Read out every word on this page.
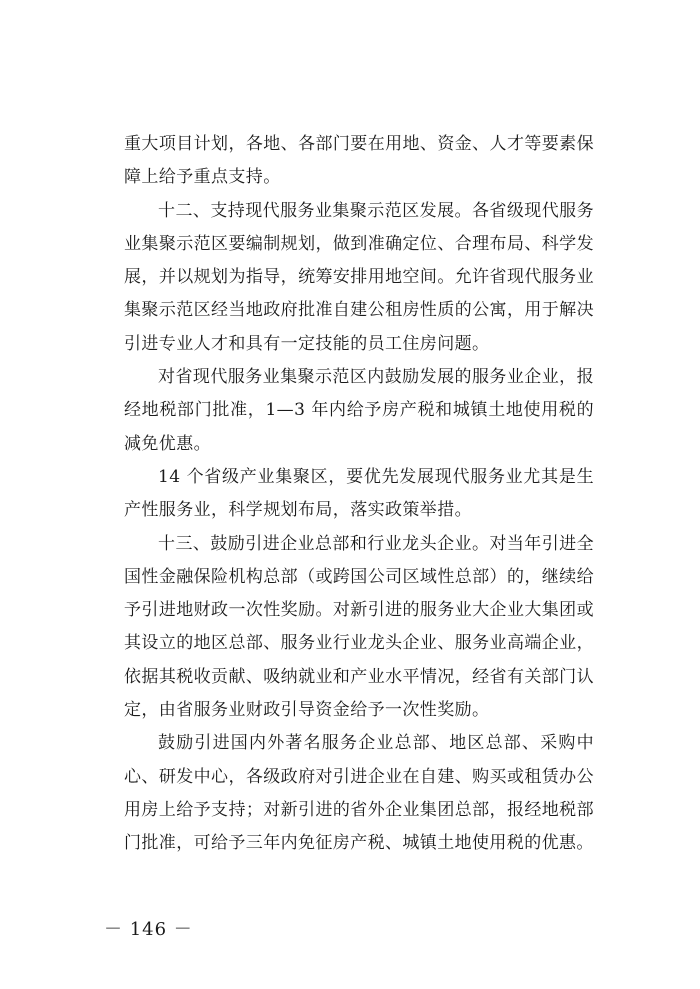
重大项目计划，各地、各部门要在用地、资金、人才等要素保障上给予重点支持。

十二、支持现代服务业集聚示范区发展。各省级现代服务业集聚示范区要编制规划，做到准确定位、合理布局、科学发展，并以规划为指导，统筹安排用地空间。允许省现代服务业集聚示范区经当地政府批准自建公租房性质的公寓，用于解决引进专业人才和具有一定技能的员工住房问题。

对省现代服务业集聚示范区内鼓励发展的服务业企业，报经地税部门批准，1—3 年内给予房产税和城镇土地使用税的减免优惠。

14 个省级产业集聚区，要优先发展现代服务业尤其是生产性服务业，科学规划布局，落实政策举措。

十三、鼓励引进企业总部和行业龙头企业。对当年引进全国性金融保险机构总部（或跨国公司区域性总部）的，继续给予引进地财政一次性奖励。对新引进的服务业大企业大集团或其设立的地区总部、服务业行业龙头企业、服务业高端企业，依据其税收贡献、吸纳就业和产业水平情况，经省有关部门认定，由省服务业财政引导资金给予一次性奖励。

鼓励引进国内外著名服务企业总部、地区总部、采购中心、研发中心，各级政府对引进企业在自建、购买或租赁办公用房上给予支持；对新引进的省外企业集团总部，报经地税部门批准，可给予三年内免征房产税、城镇土地使用税的优惠。

－ 146 －
